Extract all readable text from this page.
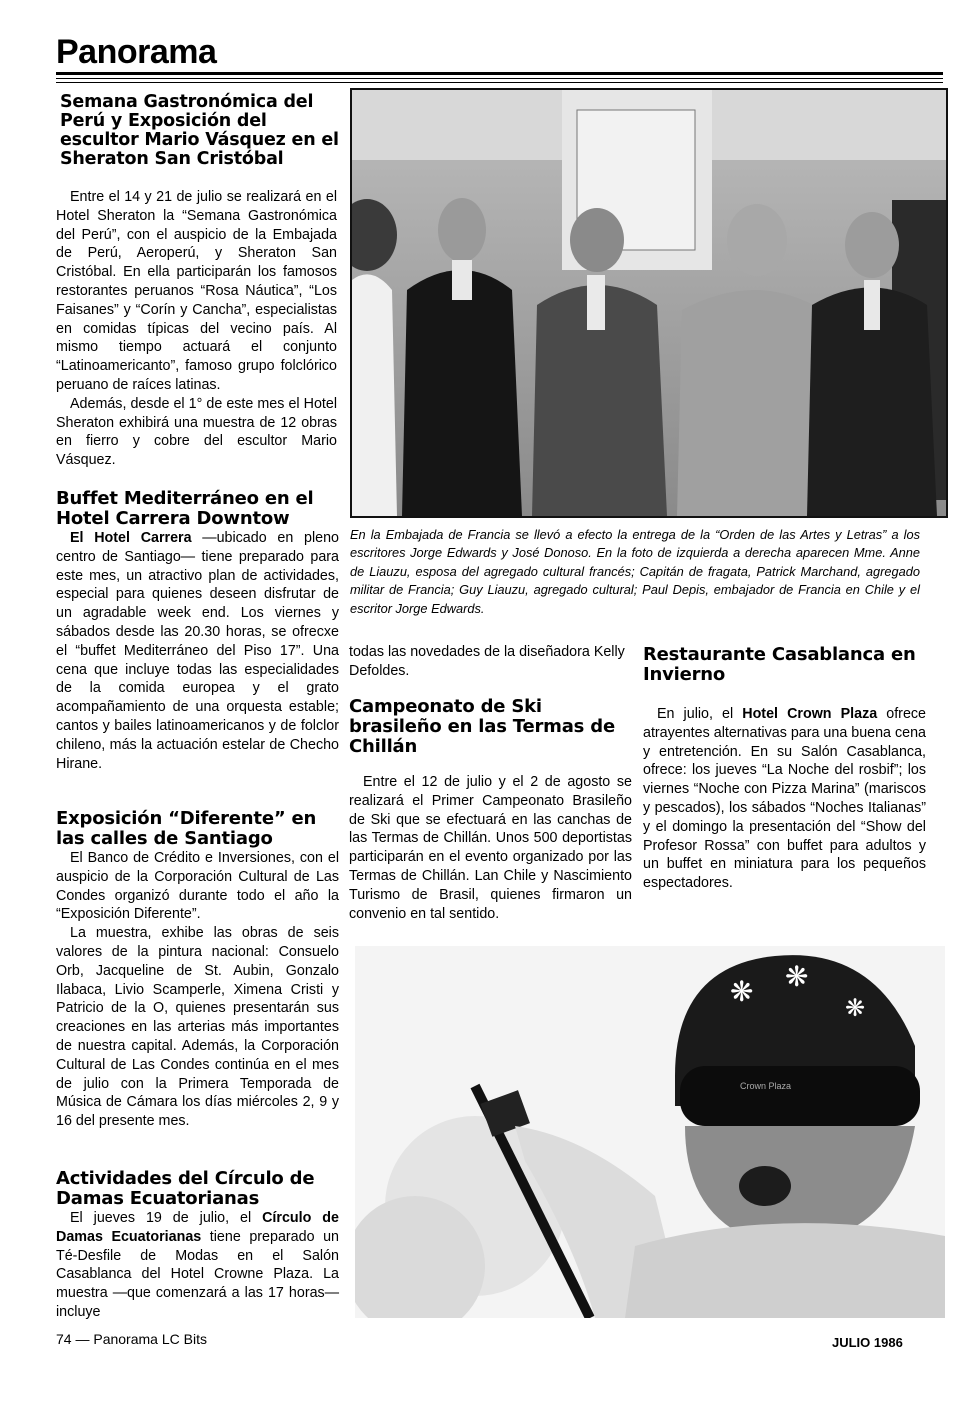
Panorama
Semana Gastronómica del Perú y Exposición del escultor Mario Vásquez en el Sheraton San Cristóbal

Entre el 14 y 21 de julio se realizará en el Hotel Sheraton la “Semana Gastronómica del Perú”, con el auspicio de la Embajada de Perú, Aeroperú, y Sheraton San Cristóbal. En ella participarán los famosos restorantes peruanos “Rosa Náutica”, “Los Faisanes” y “Corín y Cancha”, especialistas en comidas típicas del vecino país. Al mismo tiempo actuará el conjunto “Latinoamericanto”, famoso grupo folclórico peruano de raíces latinas.

Además, desde el 1° de este mes el Hotel Sheraton exhibirá una muestra de 12 obras en fierro y cobre del escultor Mario Vásquez.

Buffet Mediterráneo en el Hotel Carrera Downtow

El Hotel Carrera —ubicado en pleno centro de Santiago— tiene preparado para este mes, un atractivo plan de actividades, especial para quienes deseen disfrutar de un agradable week end. Los viernes y sábados desde las 20.30 horas, se ofrecxe el “buffet Mediterráneo del Piso 17”. Una cena que incluye todas las especialidades de la comida europea y el grato acompañamiento de una orquesta estable; cantos y bailes latinoamericanos y de folclor chileno, más la actuación estelar de Checho Hirane.

Exposición “Diferente” en las calles de Santiago

El Banco de Crédito e Inversiones, con el auspicio de la Corporación Cultural de Las Condes organizó durante todo el año la “Exposición Diferente”.

La muestra, exhibe las obras de seis valores de la pintura nacional: Consuelo Orb, Jacqueline de St. Aubin, Gonzalo Ilabaca, Livio Scamperle, Ximena Cristi y Patricio de la O, quienes presentarán sus creaciones en las arterias más importantes de nuestra capital. Además, la Corporación Cultural de Las Condes continúa en el mes de julio con la Primera Temporada de Música de Cámara los días miércoles 2, 9 y 16 del presente mes.

Actividades del Círculo de Damas Ecuatorianas

El jueves 19 de julio, el Círculo de Damas Ecuatorianas tiene preparado un Té-Desfile de Modas en el Salón Casablanca del Hotel Crowne Plaza. La muestra —que comenzará a las 17 horas— incluye

En la Embajada de Francia se llevó a efecto la entrega de la “Orden de las Artes y Letras” a los escritores Jorge Edwards y José Donoso. En la foto de izquierda a derecha aparecen Mme. Anne de Liauzu, esposa del agregado cultural francés; Capitán de fragata, Patrick Marchand, agregado militar de Francia; Guy Liauzu, agregado cultural; Paul Depis, embajador de Francia en Chile y el escritor Jorge Edwards.

todas las novedades de la diseñadora Kelly Defoldes.

Campeonato de Ski brasileño en las Termas de Chillán

Entre el 12 de julio y el 2 de agosto se realizará el Primer Campeonato Brasileño de Ski que se efectuará en las canchas de las Termas de Chillán. Unos 500 deportistas participarán en el evento organizado por las Termas de Chillán. Lan Chile y Nascimiento Turismo de Brasil, quienes firmaron un convenio en tal sentido.

Restaurante Casablanca en Invierno

En julio, el Hotel Crown Plaza ofrece atrayentes alternativas para una buena cena y entretención. En su Salón Casablanca, ofrece: los jueves “La Noche del rosbif”; los viernes “Noche con Pizza Marina” (mariscos y pescados), los sábados “Noches Italianas” y el domingo la presentación del “Show del Profesor Rossa” con buffet para adultos y un buffet en miniatura para los pequeños espectadores.

❋ ❋
❋
Crown Plaza
74 — Panorama LC Bits	JULIO 1986
